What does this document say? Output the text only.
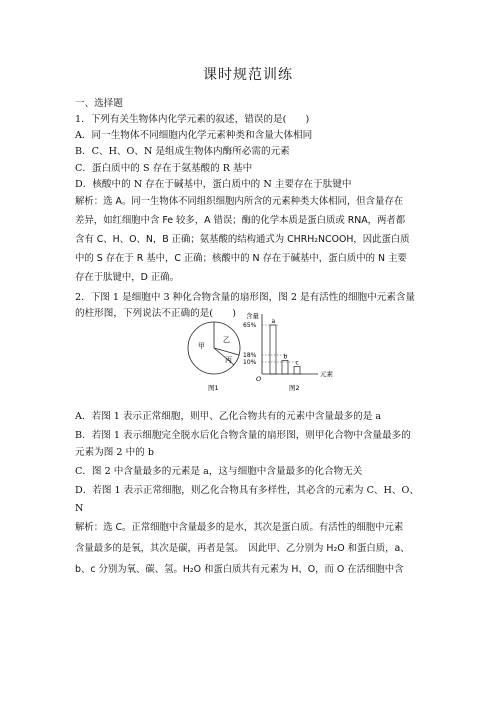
课时规范训练
一、选择题
1．下列有关生物体内化学元素的叙述，错误的是(　　)
A．同一生物体不同细胞内化学元素种类和含量大体相同
B．C、H、O、N 是组成生物体内酶所必需的元素
C．蛋白质中的 S 存在于氨基酸的 R 基中
D．核酸中的 N 存在于碱基中，蛋白质中的 N 主要存在于肽键中
解析：选 A。同一生物体不同组织细胞内所含的元素种类大体相同，但含量存在
差异，如红细胞中含 Fe 较多，A 错误；酶的化学本质是蛋白质或 RNA，两者都
含有 C、H、O、N，B 正确；氨基酸的结构通式为 CHRH₂NCOOH，因此蛋白质
中的 S 存在于 R 基中，C 正确；核酸中的 N 存在于碱基中，蛋白质中的 N 主要
存在于肽键中，D 正确。
2．下图 1 是细胞中 3 种化合物含量的扇形图，图 2 是有活性的细胞中元素含量
的柱形图，下列说法不正确的是(　　)
甲
乙
丙
图1
含量
元素
O
65%
18%
10%
a
b
c
图2
A．若图 1 表示正常细胞，则甲、乙化合物共有的元素中含量最多的是 a
B．若图 1 表示细胞完全脱水后化合物含量的扇形图，则甲化合物中含量最多的
元素为图 2 中的 b
C．图 2 中含量最多的元素是 a，这与细胞中含量最多的化合物无关
D．若图 1 表示正常细胞，则乙化合物具有多样性，其必含的元素为 C、H、O、
N
解析：选 C。正常细胞中含量最多的是水，其次是蛋白质。有活性的细胞中元素
含量最多的是氧，其次是碳，再者是氢。　因此甲、乙分别为 H₂O 和蛋白质，a、
b、c 分别为氧、碳、氢。H₂O 和蛋白质共有元素为 H、O，而 O 在活细胞中含
